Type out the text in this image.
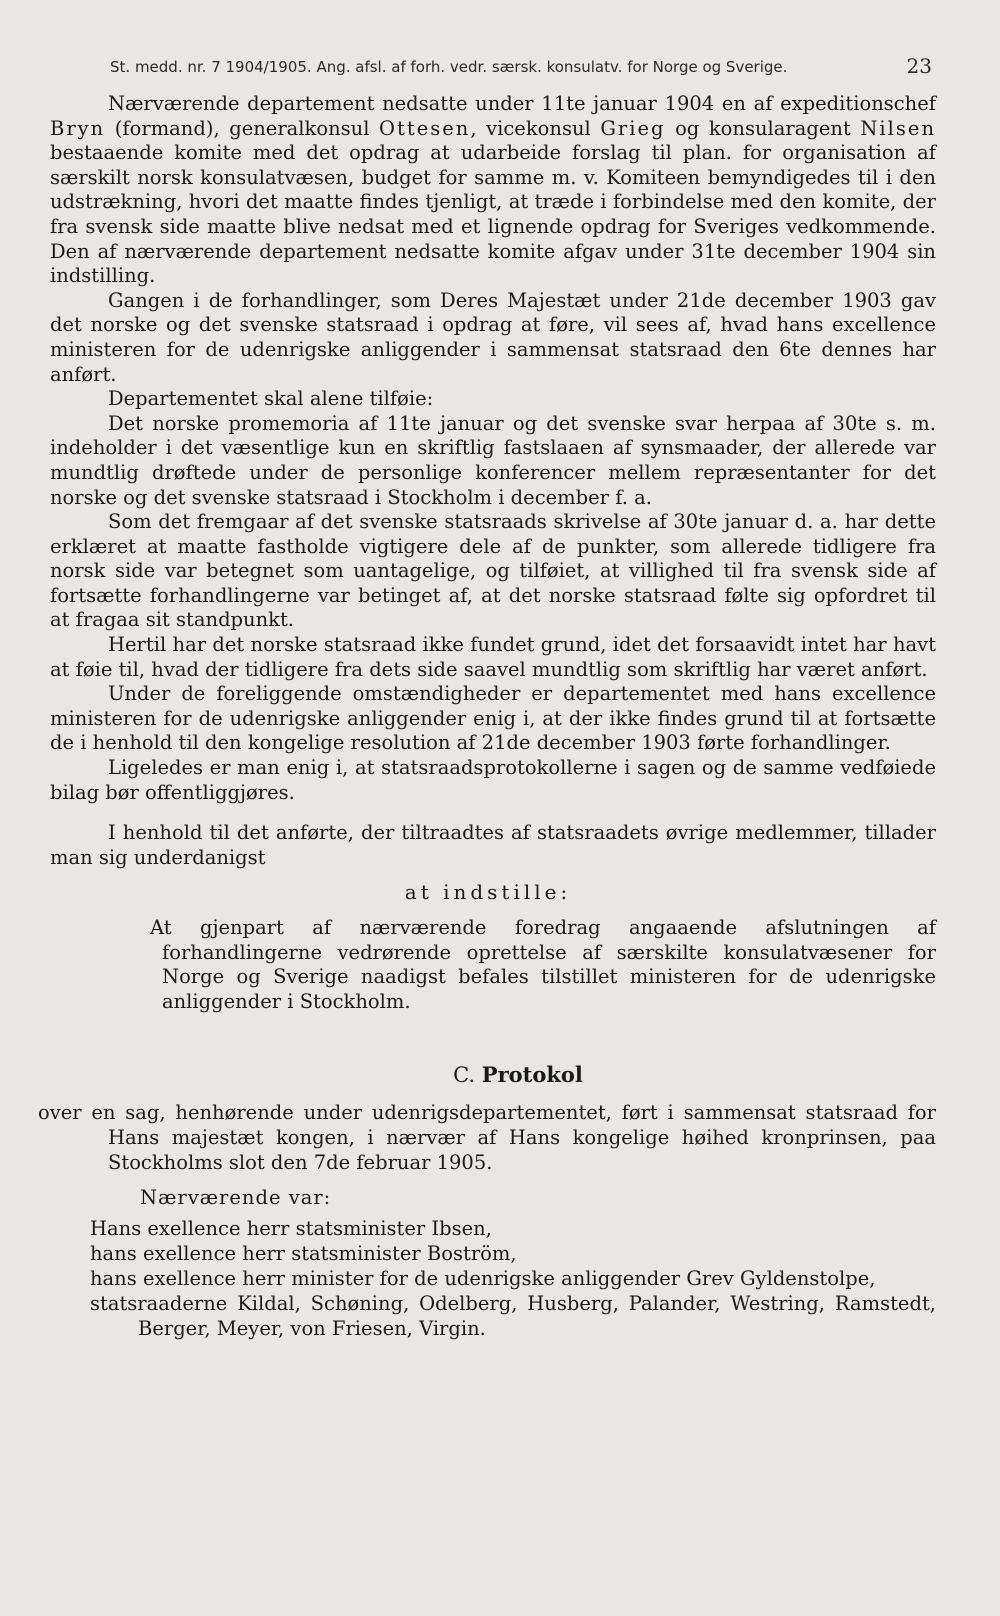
St. medd. nr. 7 1904/1905. Ang. afsl. af forh. vedr. særsk. konsulatv. for Norge og Sverige.	23

Nærværende departement nedsatte under 11te januar 1904 en af expeditionschef Bryn (formand), generalkonsul Ottesen, vicekonsul Grieg og konsularagent Nilsen bestaaende komite med det opdrag at udarbeide forslag til plan. for organisation af særskilt norsk konsulatvæsen, budget for samme m. v. Komiteen bemyndigedes til i den udstrækning, hvori det maatte findes tjenligt, at træde i forbindelse med den komite, der fra svensk side maatte blive nedsat med et lignende opdrag for Sveriges vedkommende. Den af nærværende departement nedsatte komite afgav under 31te december 1904 sin indstilling.

Gangen i de forhandlinger, som Deres Majestæt under 21de december 1903 gav det norske og det svenske statsraad i opdrag at føre, vil sees af, hvad hans excellence ministeren for de udenrigske anliggender i sammensat statsraad den 6te dennes har anført.

Departementet skal alene tilføie:

Det norske promemoria af 11te januar og det svenske svar herpaa af 30te s. m. indeholder i det væsentlige kun en skriftlig fastslaaen af synsmaader, der allerede var mundtlig drøftede under de personlige konferencer mellem repræsentanter for det norske og det svenske statsraad i Stockholm i december f. a.

Som det fremgaar af det svenske statsraads skrivelse af 30te januar d. a. har dette erklæret at maatte fastholde vigtigere dele af de punkter, som allerede tidligere fra norsk side var betegnet som uantagelige, og tilføiet, at villighed til fra svensk side af fortsætte forhandlingerne var betinget af, at det norske statsraad følte sig opfordret til at fragaa sit standpunkt.

Hertil har det norske statsraad ikke fundet grund, idet det forsaavidt intet har havt at føie til, hvad der tidligere fra dets side saavel mundtlig som skriftlig har været anført.

Under de foreliggende omstændigheder er departementet med hans excellence ministeren for de udenrigske anliggender enig i, at der ikke findes grund til at fortsætte de i henhold til den kongelige resolution af 21de december 1903 førte forhandlinger.

Ligeledes er man enig i, at statsraadsprotokollerne i sagen og de samme vedføiede bilag bør offentliggjøres.

I henhold til det anførte, der tiltraadtes af statsraadets øvrige medlemmer, tillader man sig underdanigst

at indstille:

At gjenpart af nærværende foredrag angaaende afslutningen af forhandlingerne vedrørende oprettelse af særskilte konsulatvæsener for Norge og Sverige naadigst befales tilstillet ministeren for de udenrigske anliggender i Stockholm.

C. Protokol

over en sag, henhørende under udenrigsdepartementet, ført i sammensat statsraad for Hans majestæt kongen, i nærvær af Hans kongelige høihed kronprinsen, paa Stockholms slot den 7de februar 1905.

Nærværende var:

Hans exellence herr statsminister Ibsen,

hans exellence herr statsminister Boström,

hans exellence herr minister for de udenrigske anliggender Grev Gyldenstolpe,

statsraaderne Kildal, Schøning, Odelberg, Husberg, Palander, Westring, Ramstedt, Berger, Meyer, von Friesen, Virgin.
